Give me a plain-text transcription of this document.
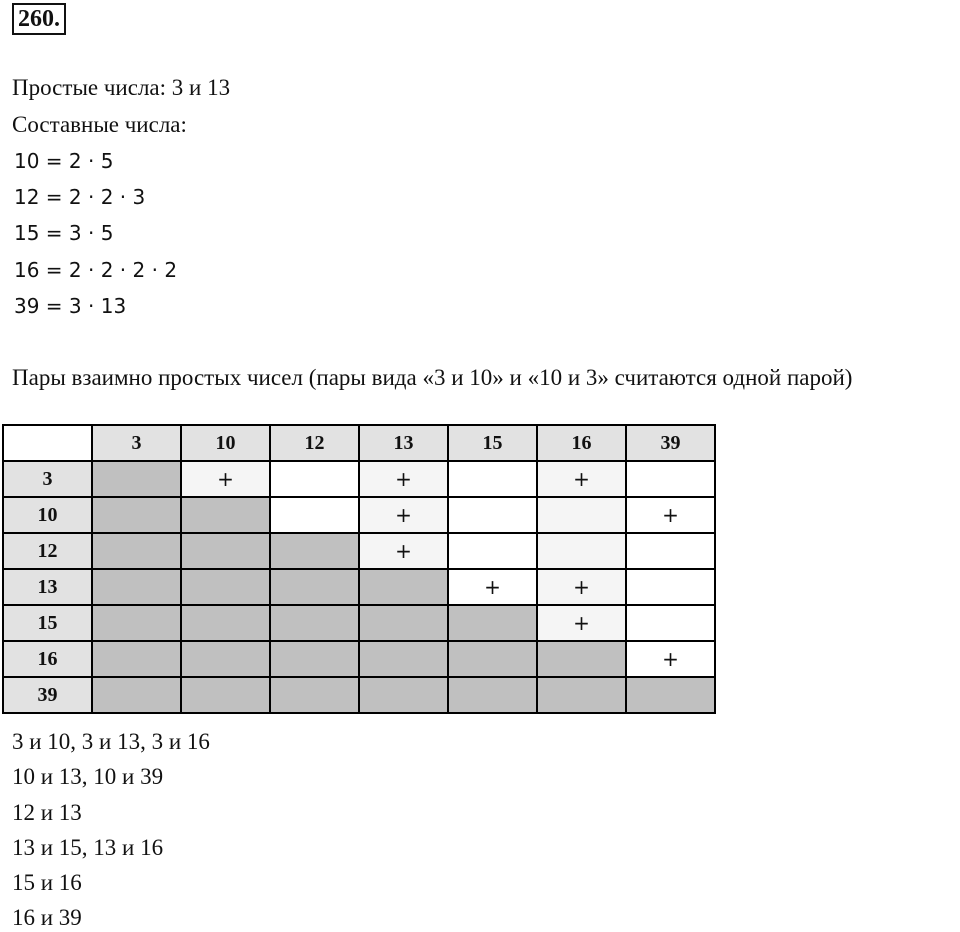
260.
Простые числа: 3 и 13
Составные числа:
10 = 2 · 5
12 = 2 · 2 · 3
15 = 3 · 5
16 = 2 · 2 · 2 · 2
39 = 3 · 13
Пары взаимно простых чисел (пары вида «3 и 10» и «10 и 3» считаются одной парой)
	3	10	12	13	15	16	39
3		+		+		+	
10				+			+
12				+			
13					+	+	
15						+	
16							+
39							
3 и 10, 3 и 13, 3 и 16
10 и 13, 10 и 39
12 и 13
13 и 15, 13 и 16
15 и 16
16 и 39
